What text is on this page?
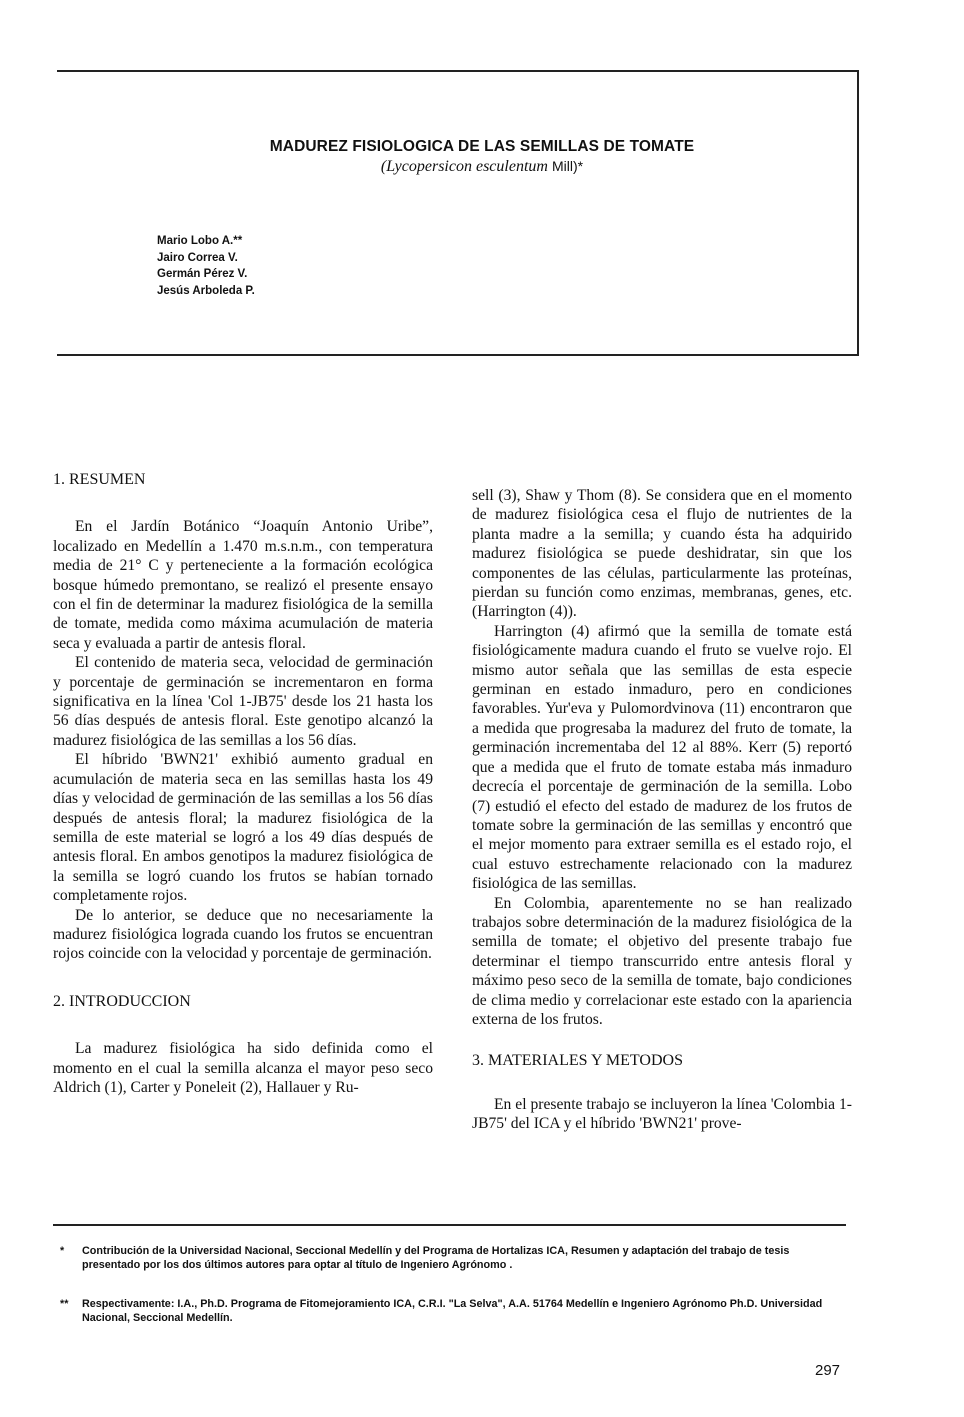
MADUREZ FISIOLOGICA DE LAS SEMILLAS DE TOMATE
(Lycopersicon esculentum Mill)*
Mario Lobo A.**
Jairo Correa V.
Germán Pérez V.
Jesús Arboleda P.
1. RESUMEN

En el Jardín Botánico “Joaquín Antonio Uribe”, localizado en Medellín a 1.470 m.s.n.m., con temperatura media de 21° C y perteneciente a la formación ecológica bosque húmedo premontano, se realizó el presente ensayo con el fin de determinar la madurez fisiológica de la semilla de tomate, medida como máxima acumulación de materia seca y evaluada a partir de antesis floral.

El contenido de materia seca, velocidad de germinación y porcentaje de germinación se incrementaron en forma significativa en la línea 'Col 1-JB75' desde los 21 hasta los 56 días después de antesis floral. Este genotipo alcanzó la madurez fisiológica de las semillas a los 56 días.

El híbrido 'BWN21' exhibió aumento gradual en acumulación de materia seca en las semillas hasta los 49 días y velocidad de germinación de las semillas a los 56 días después de antesis floral; la madurez fisiológica de la semilla de este material se logró a los 49 días después de antesis floral. En ambos genotipos la madurez fisiológica de la semilla se logró cuando los frutos se habían tornado completamente rojos.

De lo anterior, se deduce que no necesariamente la madurez fisiológica lograda cuando los frutos se encuentran rojos coincide con la velocidad y porcentaje de germinación.

2. INTRODUCCION

La madurez fisiológica ha sido definida como el momento en el cual la semilla alcanza el mayor peso seco Aldrich (1), Carter y Poneleit (2), Hallauer y Ru-

sell (3), Shaw y Thom (8). Se considera que en el momento de madurez fisiológica cesa el flujo de nutrientes de la planta madre a la semilla; y cuando ésta ha adquirido madurez fisiológica se puede deshidratar, sin que los componentes de las células, particularmente las proteínas, pierdan su función como enzimas, membranas, genes, etc. (Harrington (4)).

Harrington (4) afirmó que la semilla de tomate está fisiológicamente madura cuando el fruto se vuelve rojo. El mismo autor señala que las semillas de esta especie germinan en estado inmaduro, pero en condiciones favorables. Yur'eva y Pulomordvinova (11) encontraron que a medida que progresaba la madurez del fruto de tomate, la germinación incrementaba del 12 al 88%. Kerr (5) reportó que a medida que el fruto de tomate estaba más inmaduro decrecía el porcentaje de germinación de la semilla. Lobo (7) estudió el efecto del estado de madurez de los frutos de tomate sobre la germinación de las semillas y encontró que el mejor momento para extraer semilla es el estado rojo, el cual estuvo estrechamente relacionado con la madurez fisiológica de las semillas.

En Colombia, aparentemente no se han realizado trabajos sobre determinación de la madurez fisiológica de la semilla de tomate; el objetivo del presente trabajo fue determinar el tiempo transcurrido entre antesis floral y máximo peso seco de la semilla de tomate, bajo condiciones de clima medio y correlacionar este estado con la apariencia externa de los frutos.

3. MATERIALES Y METODOS

En el presente trabajo se incluyeron la línea 'Colombia 1-JB75' del ICA y el híbrido 'BWN21' prove-

* Contribución de la Universidad Nacional, Seccional Medellín y del Programa de Hortalizas ICA, Resumen y adaptación del trabajo de tesis presentado por los dos últimos autores para optar al título de Ingeniero Agrónomo .
** Respectivamente: I.A., Ph.D. Programa de Fitomejoramiento ICA, C.R.I. "La Selva", A.A. 51764 Medellín e Ingeniero Agrónomo Ph.D. Universidad Nacional, Seccional Medellín.
297
